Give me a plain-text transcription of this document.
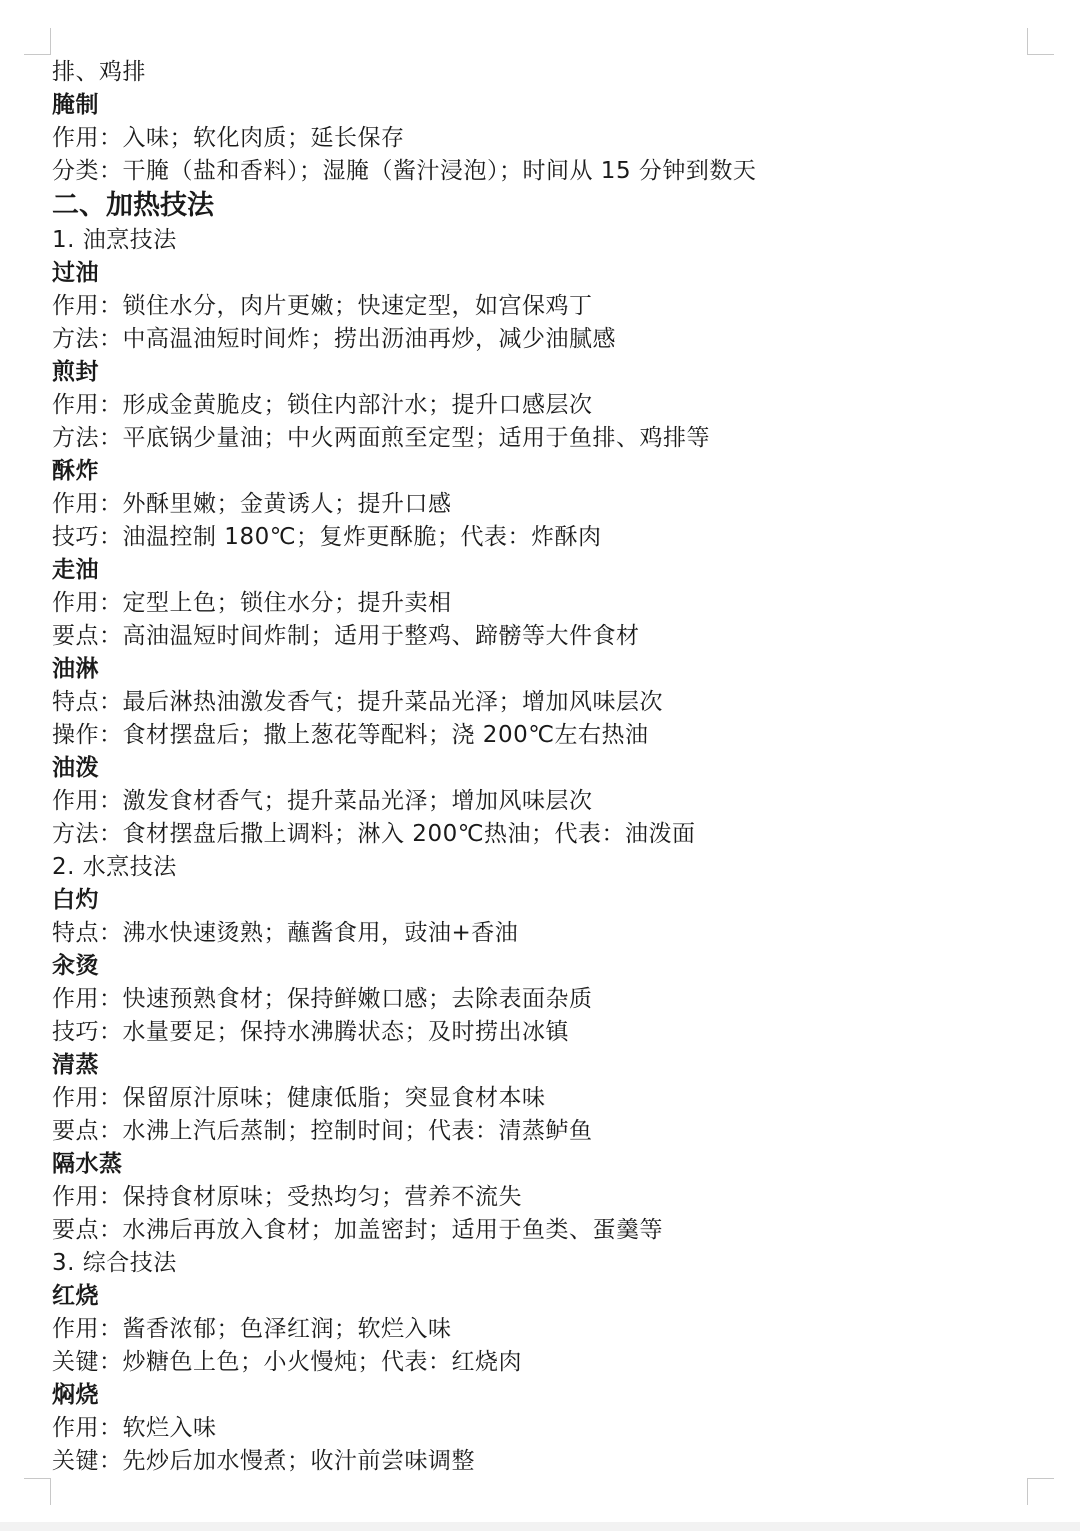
排、鸡排
腌制
作用：入味；软化肉质；延长保存
分类：干腌（盐和香料）；湿腌（酱汁浸泡）；时间从 15 分钟到数天
二、加热技法
1. 油烹技法
过油
作用：锁住水分，肉片更嫩；快速定型，如宫保鸡丁
方法：中高温油短时间炸；捞出沥油再炒，减少油腻感
煎封
作用：形成金黄脆皮；锁住内部汁水；提升口感层次
方法：平底锅少量油；中火两面煎至定型；适用于鱼排、鸡排等
酥炸
作用：外酥里嫩；金黄诱人；提升口感
技巧：油温控制 180℃；复炸更酥脆；代表：炸酥肉
走油
作用：定型上色；锁住水分；提升卖相
要点：高油温短时间炸制；适用于整鸡、蹄髈等大件食材
油淋
特点：最后淋热油激发香气；提升菜品光泽；增加风味层次
操作：食材摆盘后；撒上葱花等配料；浇 200℃左右热油
油泼
作用：激发食材香气；提升菜品光泽；增加风味层次
方法：食材摆盘后撒上调料；淋入 200℃热油；代表：油泼面
2. 水烹技法
白灼
特点：沸水快速烫熟；蘸酱食用，豉油+香油
汆烫
作用：快速预熟食材；保持鲜嫩口感；去除表面杂质
技巧：水量要足；保持水沸腾状态；及时捞出冰镇
清蒸
作用：保留原汁原味；健康低脂；突显食材本味
要点：水沸上汽后蒸制；控制时间；代表：清蒸鲈鱼
隔水蒸
作用：保持食材原味；受热均匀；营养不流失
要点：水沸后再放入食材；加盖密封；适用于鱼类、蛋羹等
3. 综合技法
红烧
作用：酱香浓郁；色泽红润；软烂入味
关键：炒糖色上色；小火慢炖；代表：红烧肉
焖烧
作用：软烂入味
关键：先炒后加水慢煮；收汁前尝味调整
